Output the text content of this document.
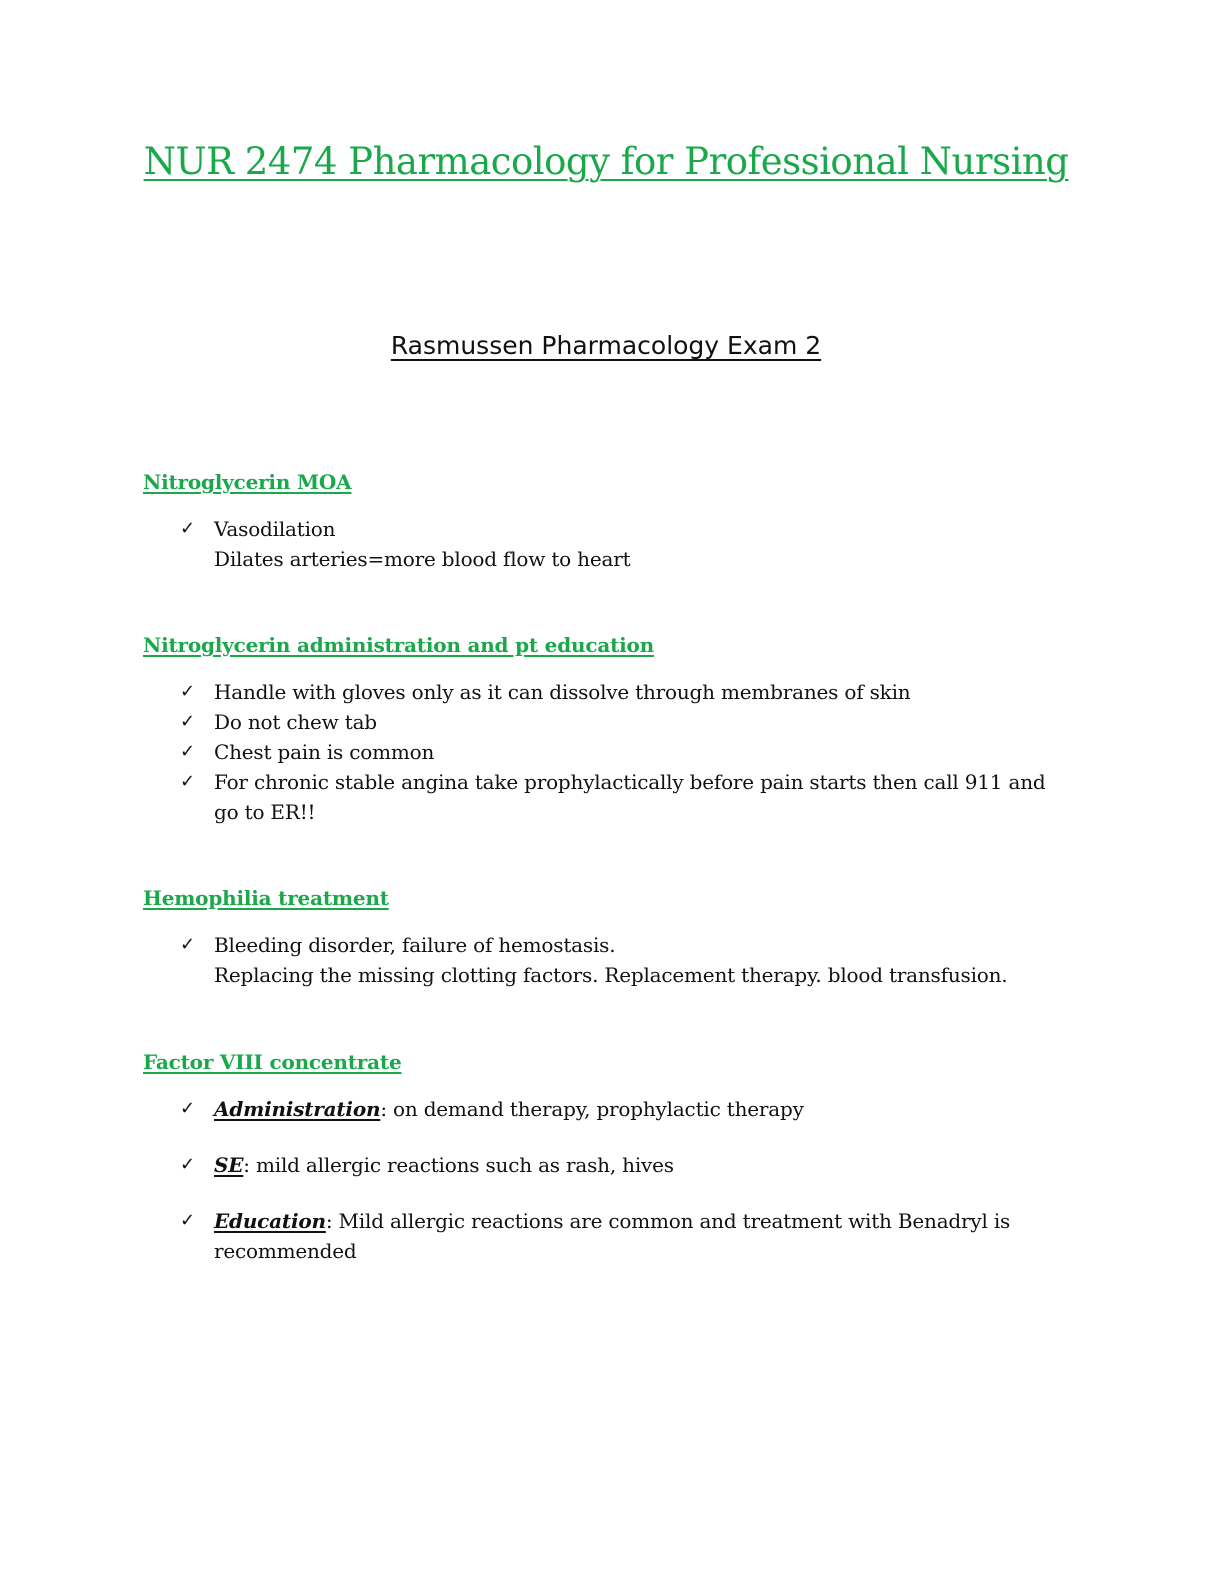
NUR 2474 Pharmacology for Professional Nursing
Rasmussen Pharmacology Exam 2
Nitroglycerin MOA
✓ Vasodilation
Dilates arteries=more blood flow to heart
Nitroglycerin administration and pt education
✓ Handle with gloves only as it can dissolve through membranes of skin
✓ Do not chew tab
✓ Chest pain is common
✓ For chronic stable angina take prophylactically before pain starts then call 911 and
go to ER!!
Hemophilia treatment
✓ Bleeding disorder, failure of hemostasis.
Replacing the missing clotting factors. Replacement therapy. blood transfusion.
Factor VIII concentrate
✓ Administration: on demand therapy, prophylactic therapy
✓ SE: mild allergic reactions such as rash, hives
✓ Education: Mild allergic reactions are common and treatment with Benadryl is
recommended
